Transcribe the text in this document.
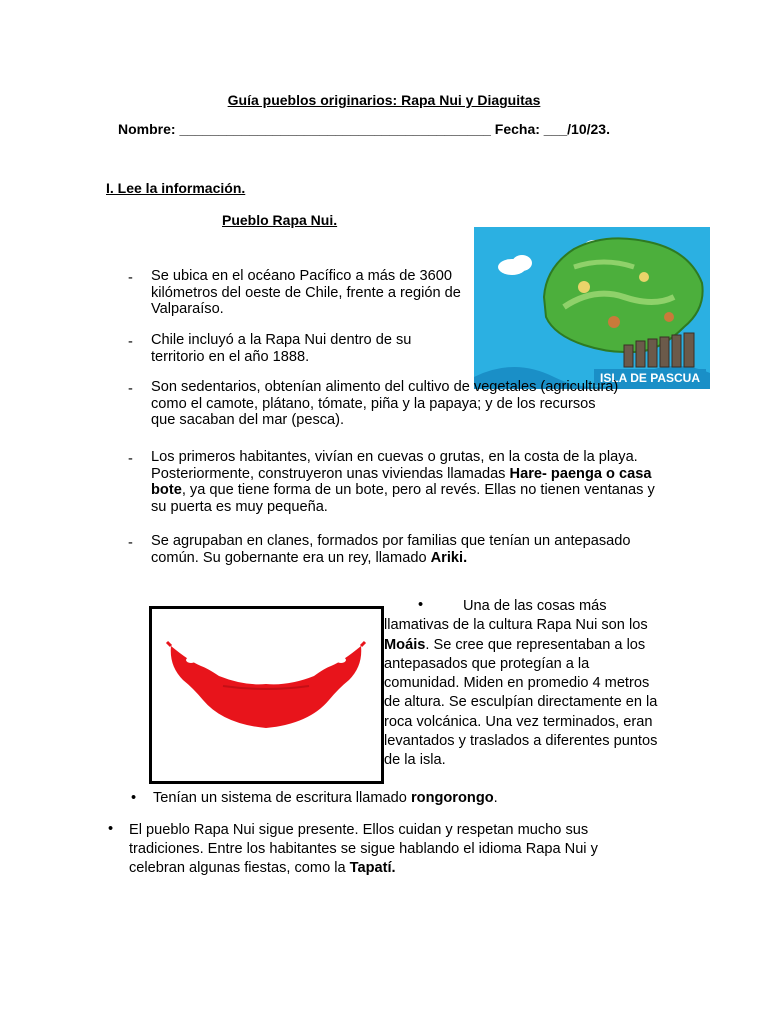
Guía pueblos originarios: Rapa Nui y Diaguitas
Nombre: ________________________________________ Fecha: ___/10/23.
I. Lee la información.
Pueblo Rapa Nui.
ISLA DE PASCUA
- Se ubica en el océano Pacífico a más de 3600 kilómetros del oeste de Chile, frente a región de Valparaíso.
- Chile incluyó a la Rapa Nui dentro de su territorio en el año 1888.
- Son sedentarios, obtenían alimento del cultivo de vegetales (agricultura) como el camote, plátano, tómate, piña y la papaya; y de los recursos que sacaban del mar (pesca).
- Los primeros habitantes, vivían en cuevas o grutas, en la costa de la playa. Posteriormente, construyeron unas viviendas llamadas Hare- paenga o casa bote, ya que tiene forma de un bote, pero al revés. Ellas no tienen ventanas y su puerta es muy pequeña.
- Se agrupaban en clanes, formados por familias que tenían un antepasado común. Su gobernante era un rey, llamado Ariki.
•	Una de las cosas más llamativas de la cultura Rapa Nui son los Moáis. Se cree que representaban a los antepasados que protegían a la comunidad. Miden en promedio 4 metros de altura. Se esculpían directamente en la roca volcánica. Una vez terminados, eran levantados y traslados a diferentes puntos de la isla.
• Tenían un sistema de escritura llamado rongorongo.
• El pueblo Rapa Nui sigue presente. Ellos cuidan y respetan mucho sus tradiciones. Entre los habitantes se sigue hablando el idioma Rapa Nui y celebran algunas fiestas, como la Tapatí.
